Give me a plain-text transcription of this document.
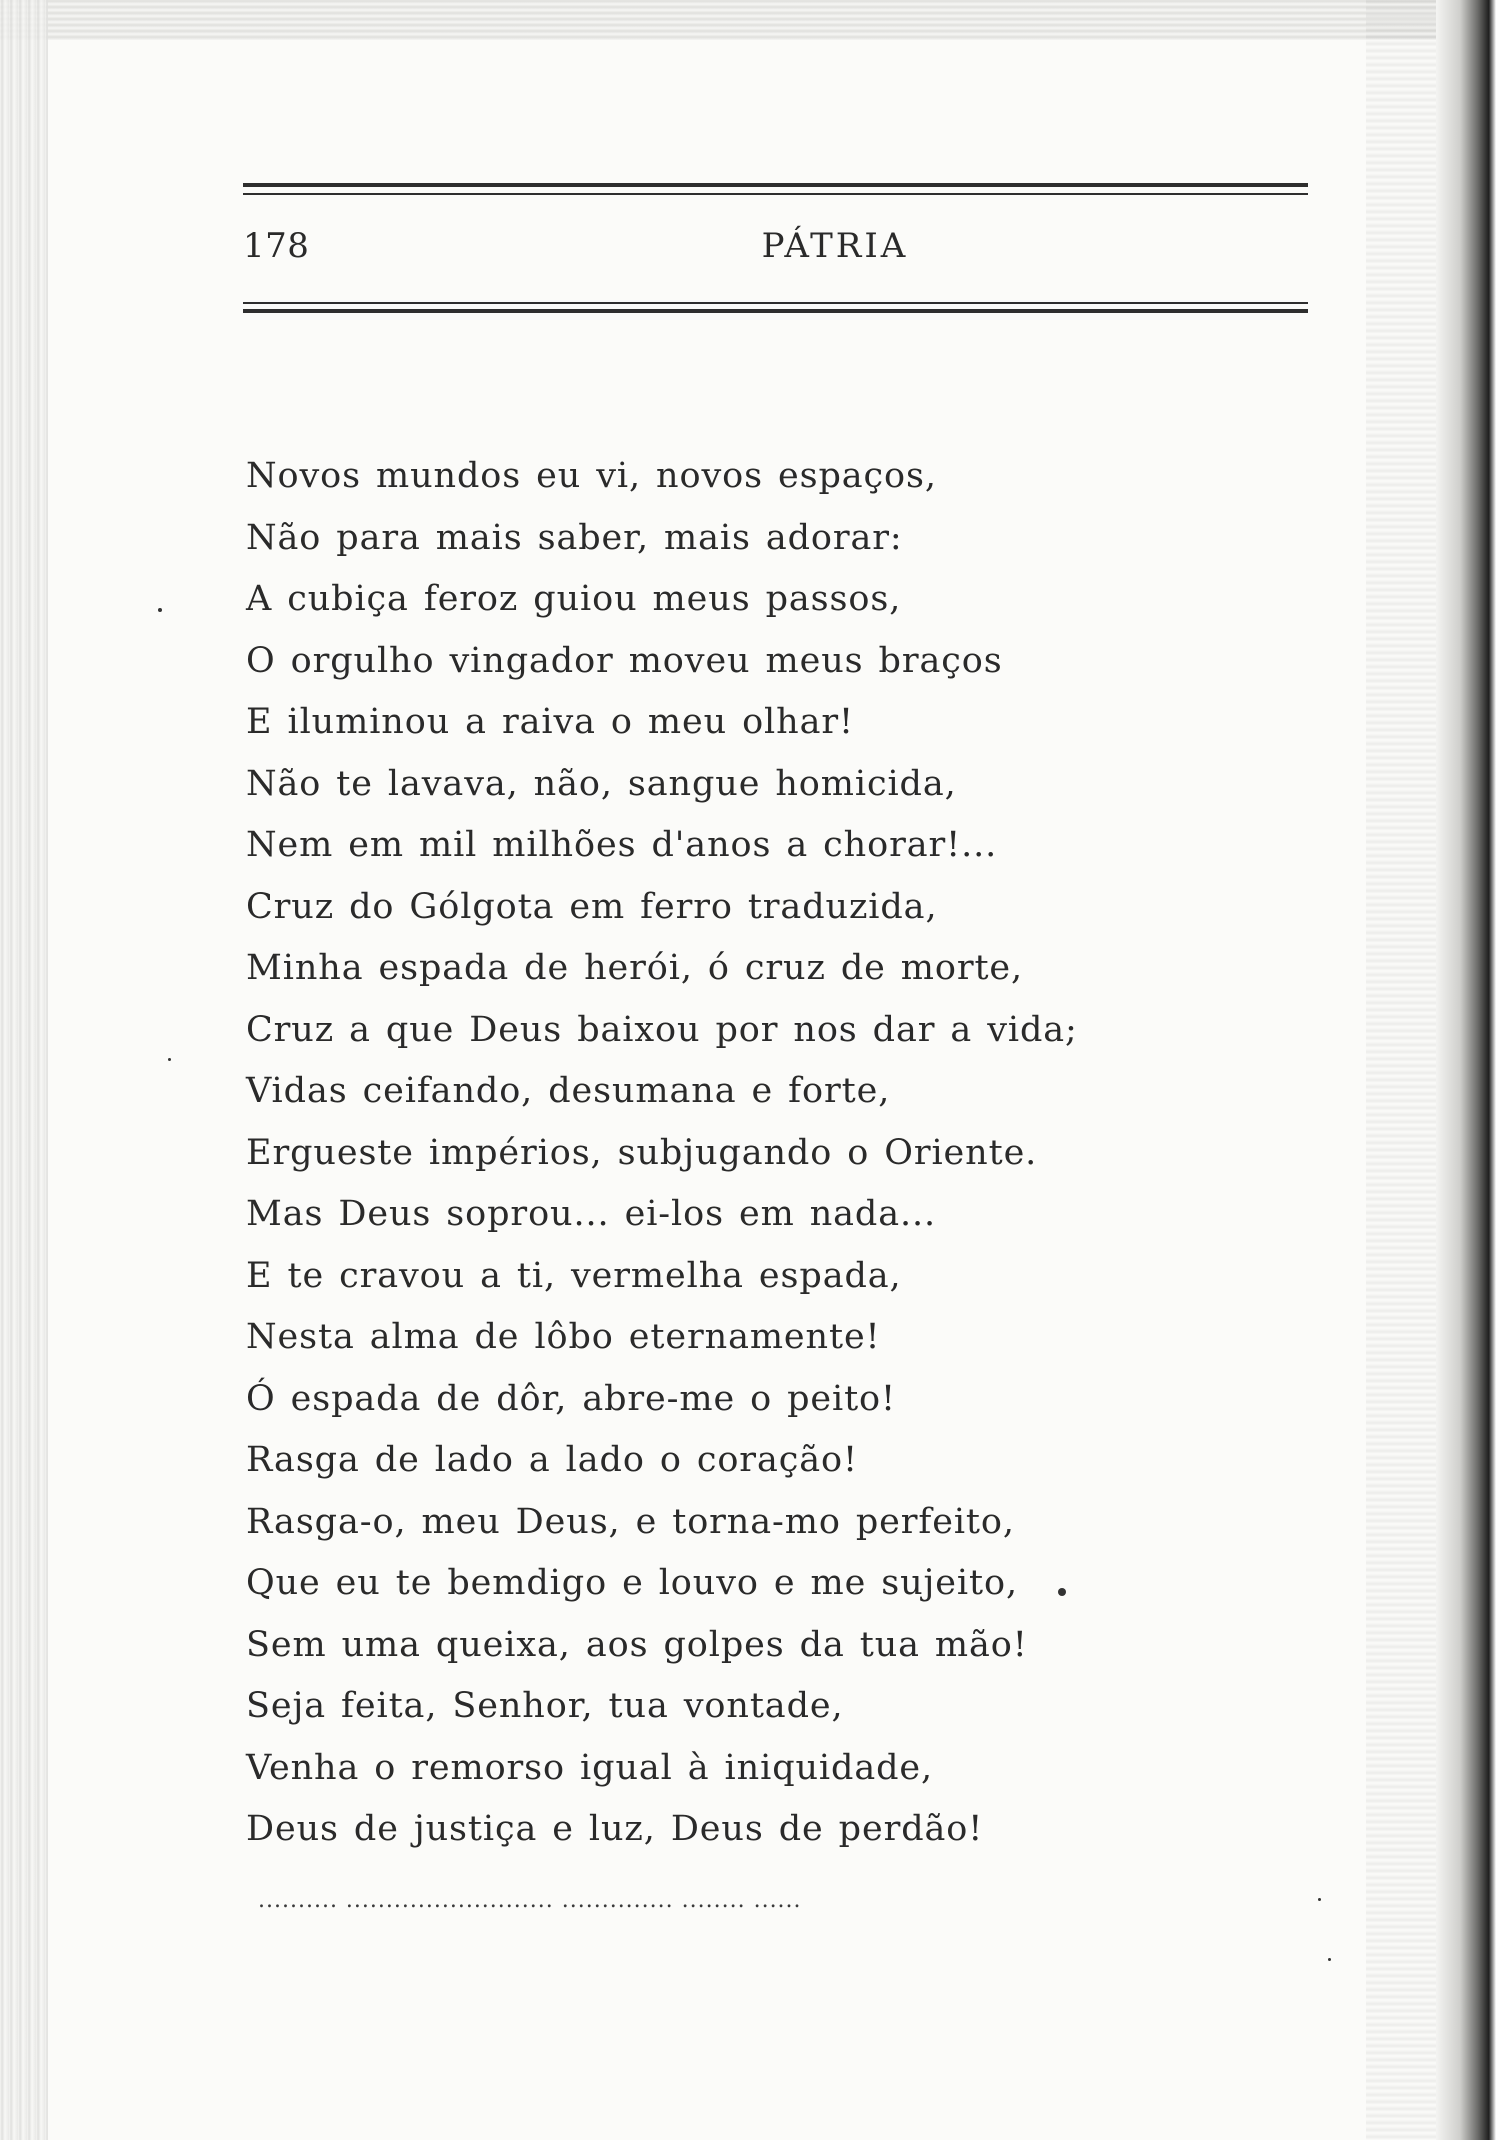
178	PÁTRIA
Novos mundos eu vi, novos espaços,
Não para mais saber, mais adorar:
A cubiça feroz guiou meus passos,
O orgulho vingador moveu meus braços
E iluminou a raiva o meu olhar!
Não te lavava, não, sangue homicida,
Nem em mil milhões d'anos a chorar!...
Cruz do Gólgota em ferro traduzida,
Minha espada de herói, ó cruz de morte,
Cruz a que Deus baixou por nos dar a vida;
Vidas ceifando, desumana e forte,
Ergueste impérios, subjugando o Oriente.
Mas Deus soprou... ei-los em nada...
E te cravou a ti, vermelha espada,
Nesta alma de lôbo eternamente!
Ó espada de dôr, abre-me o peito!
Rasga de lado a lado o coração!
Rasga-o, meu Deus, e torna-mo perfeito,
Que eu te bemdigo e louvo e me sujeito,
Sem uma queixa, aos golpes da tua mão!
Seja feita, Senhor, tua vontade,
Venha o remorso igual à iniquidade,
Deus de justiça e luz, Deus de perdão!
.......... .......................... .............. ........ ......
